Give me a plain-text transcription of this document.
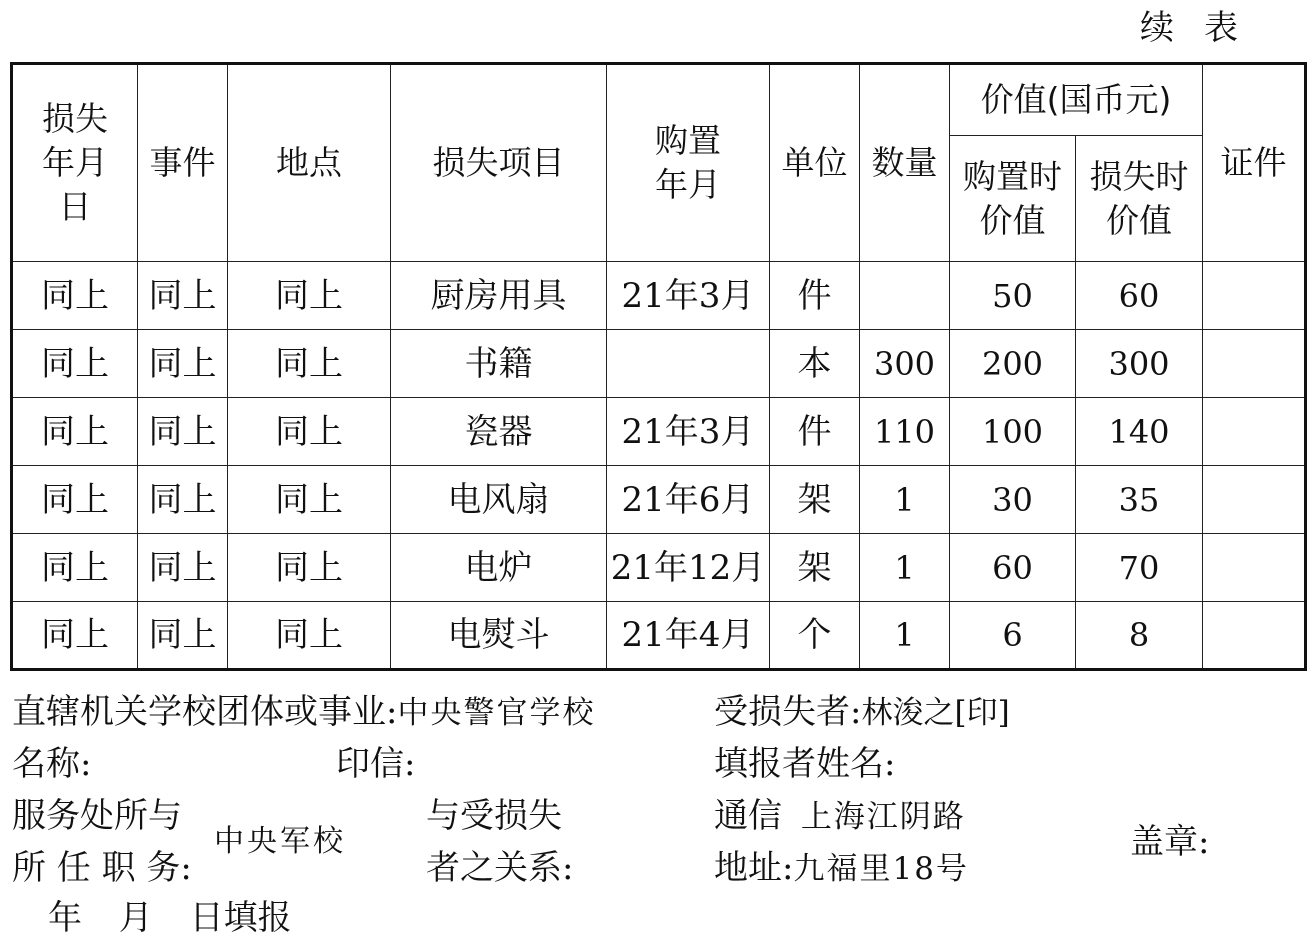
续表
损失年月日	事件	地点	损失项目	购置年月	单位	数量	价值(国币元)		证件
							购置时价值	损失时价值	
同上	同上	同上	厨房用具	21年3月	件		50	60	
同上	同上	同上	书籍		本	300	200	300	
同上	同上	同上	瓷器	21年3月	件	110	100	140	
同上	同上	同上	电风扇	21年6月	架	1	30	35	
同上	同上	同上	电炉	21年12月	架	1	60	70	
同上	同上	同上	电熨斗	21年4月	个	1	6	8	
直辖机关学校团体或事业:中央警官学校	受损失者:林浚之[印]
名称:	印信:	填报者姓名:
服务处所与
所 任 职 务:
中央军校
与受损失
者之关系:
通信 上海江阴路
地址:九福里18号
盖章:
年 月 日填报
